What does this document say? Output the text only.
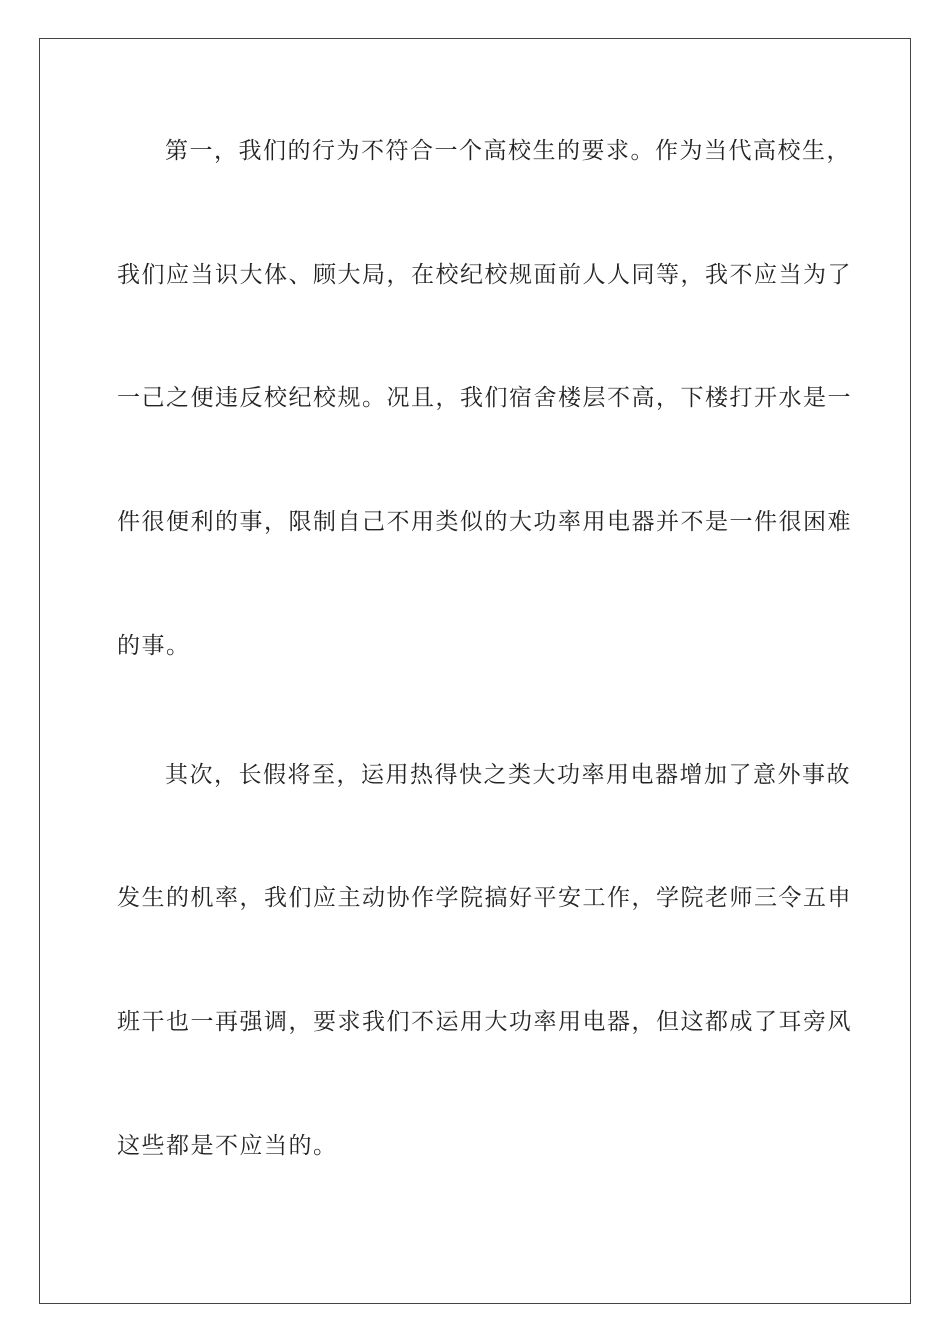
第一，我们的行为不符合一个高校生的要求。作为当代高校生，
我们应当识大体、顾大局，在校纪校规面前人人同等，我不应当为了
一己之便违反校纪校规。况且，我们宿舍楼层不高，下楼打开水是一
件很便利的事，限制自己不用类似的大功率用电器并不是一件很困难
的事。
其次，长假将至，运用热得快之类大功率用电器增加了意外事故
发生的机率，我们应主动协作学院搞好平安工作，学院老师三令五申
班干也一再强调，要求我们不运用大功率用电器，但这都成了耳旁风
这些都是不应当的。
